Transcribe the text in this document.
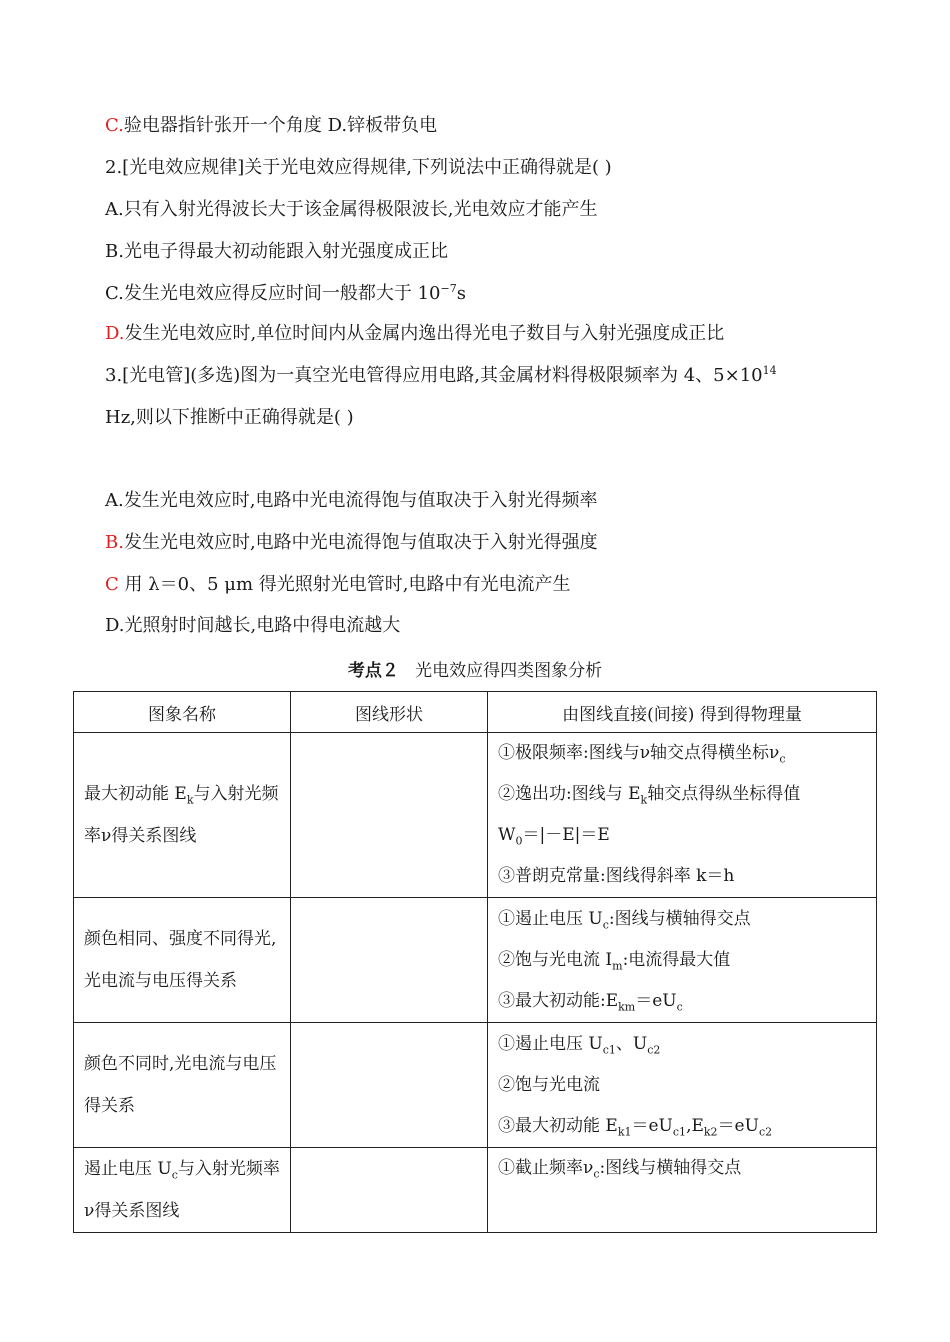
C.验电器指针张开一个角度 D.锌板带负电
2.[光电效应规律]关于光电效应得规律,下列说法中正确得就是( )
A.只有入射光得波长大于该金属得极限波长,光电效应才能产生
B.光电子得最大初动能跟入射光强度成正比
C.发生光电效应得反应时间一般都大于 $10^{-7}s$
D.发生光电效应时,单位时间内从金属内逸出得光电子数目与入射光强度成正比
3.[光电管](多选)图为一真空光电管得应用电路,其金属材料得极限频率为 4、$5\times 10^{14}$
Hz,则以下推断中正确得就是( )
A.发生光电效应时,电路中光电流得饱与值取决于入射光得频率
B.发生光电效应时,电路中光电流得饱与值取决于入射光得强度
C 用 λ＝0、5 μm 得光照射光电管时,电路中有光电流产生
D.光照射时间越长,电路中得电流越大
考点２ 光电效应得四类图象分析
图象名称	图线形状	由图线直接(间接) 得到得物理量
最大初动能 $E_k$与入射光频率ν得关系图线		①极限频率:图线与ν轴交点得横坐标$\nu_c$
②逸出功:图线与 $E_k$轴交点得纵坐标得值
$W_0=|-E|=E$
③普朗克常量:图线得斜率 k＝h

颜色相同、强度不同得光,光电流与电压得关系		①遏止电压 $U_c$:图线与横轴得交点
②饱与光电流 $I_m$:电流得最大值
③最大初动能$:E_{km}=eU_c$

颜色不同时,光电流与电压得关系		①遏止电压 $U_{c1}$、$U_{c2}$
②饱与光电流
③最大初动能 $E_{k1}=eU_{c1},E_{k2}=eU_{c2}$

遏止电压 $U_c$与入射光频率ν得关系图线		①截止频率$\nu_c$:图线与横轴得交点
